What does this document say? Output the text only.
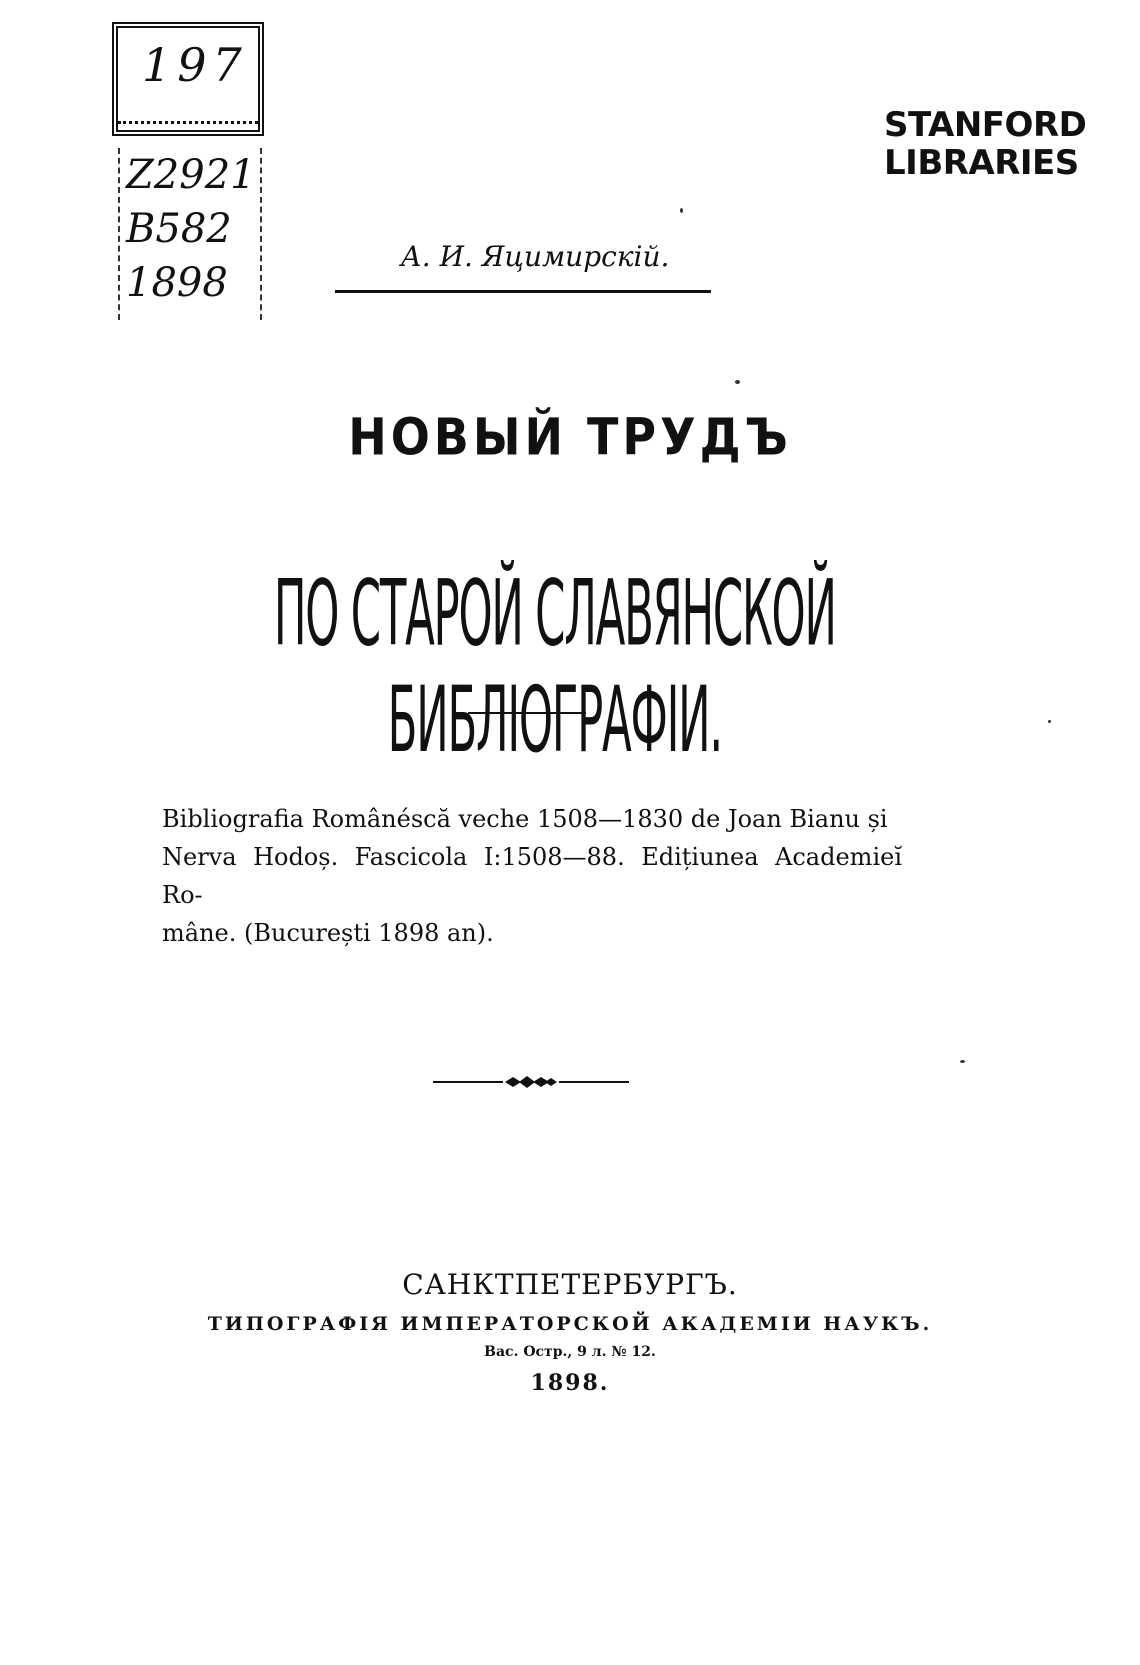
197
Z2921
B582
1898
STANFORD
LIBRARIES
А. И. Яцимирскій.
НОВЫЙ ТРУДЪ
ПО СТАРОЙ СЛАВЯНСКОЙ БИБЛІОГРАФІИ.
Bibliografia Românéscă veche 1508—1830 de Joan Bianu și
Nerva Hodoș. Fascicola I:1508—88. Edițiunea Academieĭ Ro-
mâne. (București 1898 an).
САНКТПЕТЕРБУРГЪ.
ТИПОГРАФІЯ ИМПЕРАТОРСКОЙ АКАДЕМІИ НАУКЪ.
Вас. Остр., 9 л. № 12.
1898.
